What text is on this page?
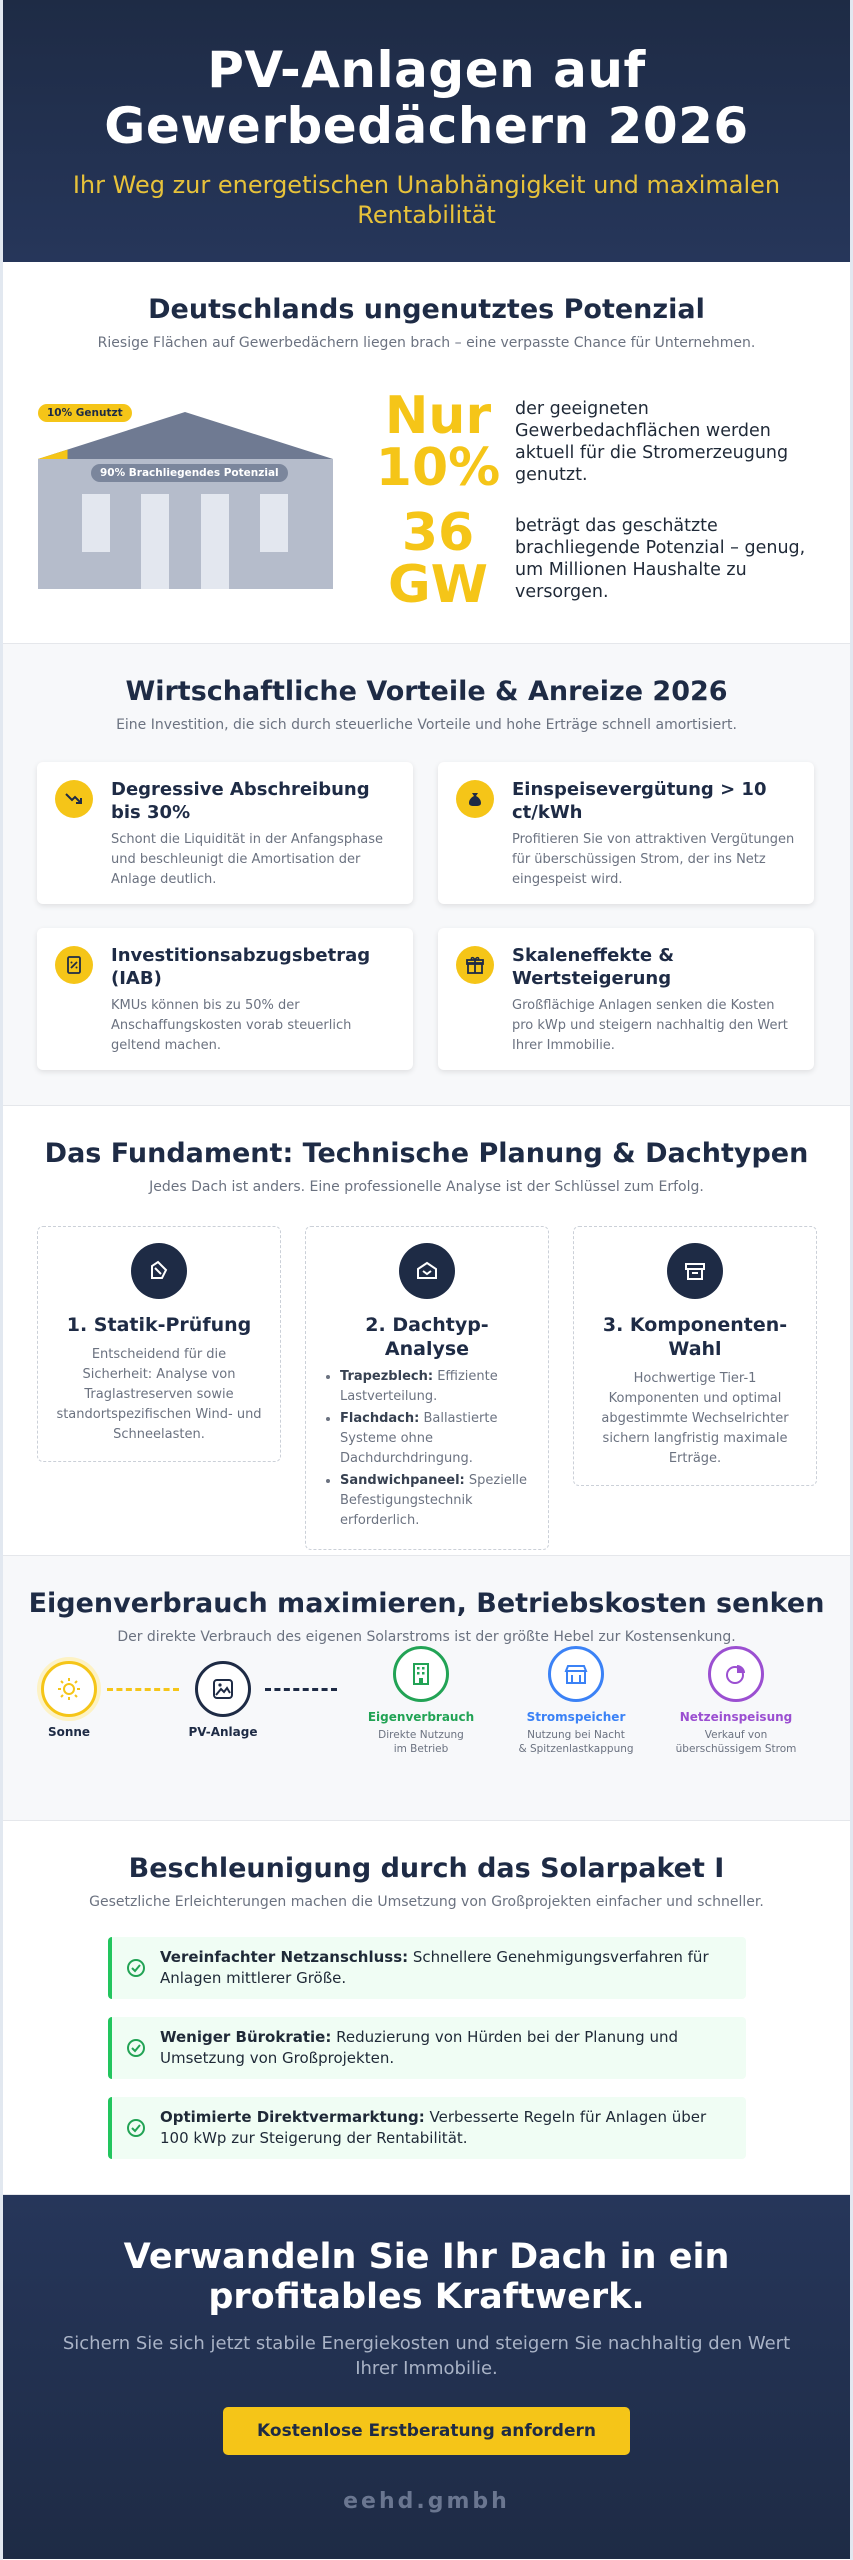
PV-Anlagen auf
Gewerbedächern 2026
Ihr Weg zur energetischen Unabhängigkeit und maximalen Rentabilität
Deutschlands ungenutztes Potenzial
Riesige Flächen auf Gewerbedächern liegen brach – eine verpasste Chance für Unternehmen.
10% Genutzt
90% Brachliegendes Potenzial
Nur
10%
der geeigneten Gewerbedachflächen werden aktuell für die Stromerzeugung genutzt.
36
GW
beträgt das geschätzte brachliegende Potenzial – genug, um Millionen Haushalte zu versorgen.
Wirtschaftliche Vorteile & Anreize 2026
Eine Investition, die sich durch steuerliche Vorteile und hohe Erträge schnell amortisiert.
Degressive Abschreibung bis 30%
Schont die Liquidität in der Anfangsphase und beschleunigt die Amortisation der Anlage deutlich.
Einspeisevergütung > 10 ct/kWh
Profitieren Sie von attraktiven Vergütungen für überschüssigen Strom, der ins Netz eingespeist wird.
Investitionsabzugsbetrag (IAB)
KMUs können bis zu 50% der Anschaffungskosten vorab steuerlich geltend machen.
Skaleneffekte & Wertsteigerung
Großflächige Anlagen senken die Kosten pro kWp und steigern nachhaltig den Wert Ihrer Immobilie.
Das Fundament: Technische Planung & Dachtypen
Jedes Dach ist anders. Eine professionelle Analyse ist der Schlüssel zum Erfolg.
1. Statik-Prüfung
Entscheidend für die Sicherheit: Analyse von Traglastreserven sowie standortspezifischen Wind- und Schneelasten.
2. Dachtyp-Analyse
• Trapezblech: Effiziente Lastverteilung.
• Flachdach: Ballastierte Systeme ohne Dachdurchdringung.
• Sandwichpaneel: Spezielle Befestigungstechnik erforderlich.
3. Komponenten-Wahl
Hochwertige Tier-1 Komponenten und optimal abgestimmte Wechselrichter sichern langfristig maximale Erträge.
Eigenverbrauch maximieren, Betriebskosten senken
Der direkte Verbrauch des eigenen Solarstroms ist der größte Hebel zur Kostensenkung.
Sonne	PV-Anlage
Eigenverbrauch
Direkte Nutzung
im Betrieb
Stromspeicher
Nutzung bei Nacht
& Spitzenlastkappung
Netzeinspeisung
Verkauf von
überschüssigem Strom
Beschleunigung durch das Solarpaket I
Gesetzliche Erleichterungen machen die Umsetzung von Großprojekten einfacher und schneller.
Vereinfachter Netzanschluss: Schnellere Genehmigungsverfahren für Anlagen mittlerer Größe.
Weniger Bürokratie: Reduzierung von Hürden bei der Planung und Umsetzung von Großprojekten.
Optimierte Direktvermarktung: Verbesserte Regeln für Anlagen über 100 kWp zur Steigerung der Rentabilität.
Verwandeln Sie Ihr Dach in ein
profitables Kraftwerk.
Sichern Sie sich jetzt stabile Energiekosten und steigern Sie nachhaltig den Wert Ihrer Immobilie.
Kostenlose Erstberatung anfordern
eehd.gmbh
